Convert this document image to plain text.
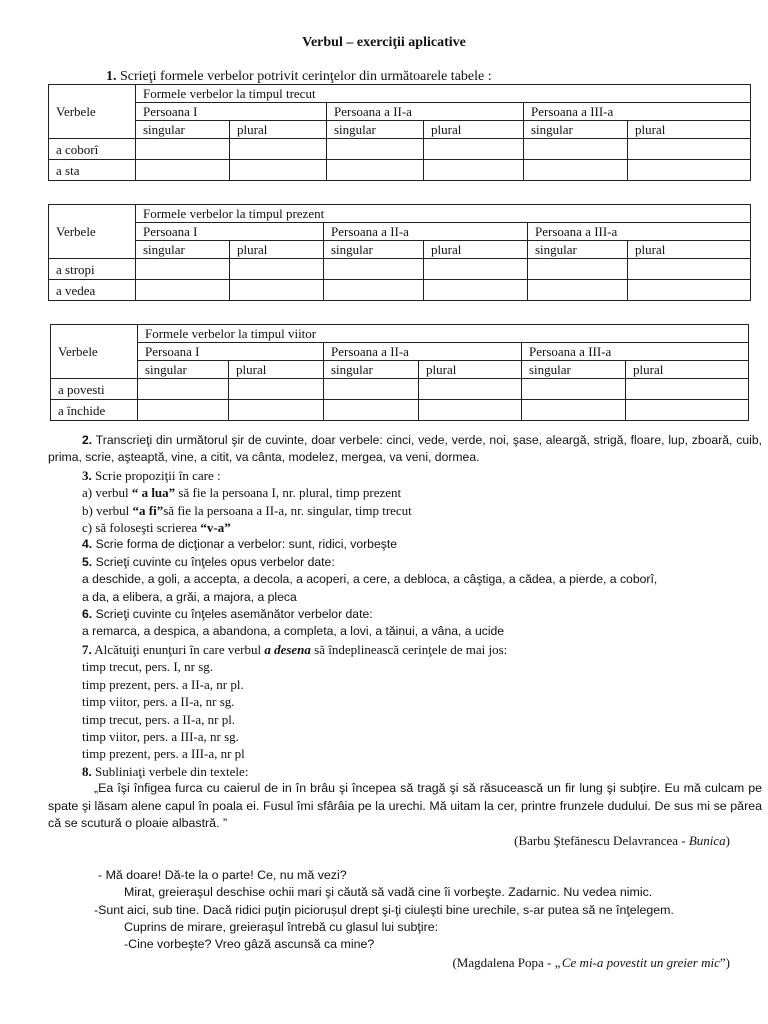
Verbul – exerciţii aplicative
1. Scrieţi formele verbelor potrivit cerinţelor din următoarele tabele :
Verbele	Formele verbelor la timpul trecut					
	Persoana I		Persoana a II-a		Persoana a III-a	
	singular	plural	singular	plural	singular	plural
a coborî						
a sta						
Verbele	Formele verbelor la timpul prezent					
	Persoana I		Persoana a II-a		Persoana a III-a	
	singular	plural	singular	plural	singular	plural
a stropi						
a vedea						
Verbele	Formele verbelor la timpul viitor					
	Persoana I		Persoana a II-a		Persoana a III-a	
	singular	plural	singular	plural	singular	plural
a povesti						
a închide						
2. Transcrieţi din următorul şir de cuvinte, doar verbele: cinci, vede, verde, noi, şase, aleargă, strigă, floare, lup, zboară, cuib, prima, scrie, aşteaptă, vine, a citit, va cânta, modelez, mergea, va veni, dormea.
3. Scrie propoziţii în care :
a) verbul “ a lua” să fie la persoana I, nr. plural, timp prezent
b) verbul “a fi”să fie la persoana a II-a, nr. singular, timp trecut
c) să foloseşti scrierea “v-a”
4. Scrie forma de dicţionar a verbelor: sunt, ridici, vorbeşte
5. Scrieţi cuvinte cu înţeles opus verbelor date:
a deschide, a goli, a accepta, a decola, a acoperi, a cere, a debloca, a câştiga, a cădea, a pierde, a coborî,
a da, a elibera, a grăi, a majora, a pleca
6. Scrieţi cuvinte cu înţeles asemănător verbelor date:
a remarca, a despica, a abandona, a completa, a lovi, a tăinui, a vâna, a ucide
7. Alcătuiţi enunţuri în care verbul a desena să îndeplinească cerinţele de mai jos:
timp trecut, pers. I, nr sg.
timp prezent, pers. a II-a, nr pl.
timp viitor, pers. a II-a, nr sg.
timp trecut, pers. a II-a, nr pl.
timp viitor, pers. a III-a, nr sg.
timp prezent, pers. a III-a, nr pl
8. Subliniaţi verbele din textele:
„Ea îşi înfigea furca cu caierul de in în brâu şi începea să tragă şi să răsucească un fir lung şi subţire. Eu mă culcam pe spate şi lăsam alene capul în poala ei. Fusul îmi sfârâia pe la urechi. Mă uitam la cer, printre frunzele dudului. De sus mi se părea că se scutură o ploaie albastră. ”
(Barbu Ştefănescu Delavrancea - Bunica)
- Mă doare! Dă-te la o parte! Ce, nu mă vezi?
Mirat, greieraşul deschise ochii mari şi căută să vadă cine îi vorbeşte. Zadarnic. Nu vedea nimic.
-Sunt aici, sub tine. Dacă ridici puţin piciorușul drept şi-ţi ciuleşti bine urechile, s-ar putea să ne înţelegem.
Cuprins de mirare, greieraşul întrebă cu glasul lui subţire:
-Cine vorbeşte? Vreo gâză ascunsă ca mine?
(Magdalena Popa - „Ce mi-a povestit un greier mic”)
